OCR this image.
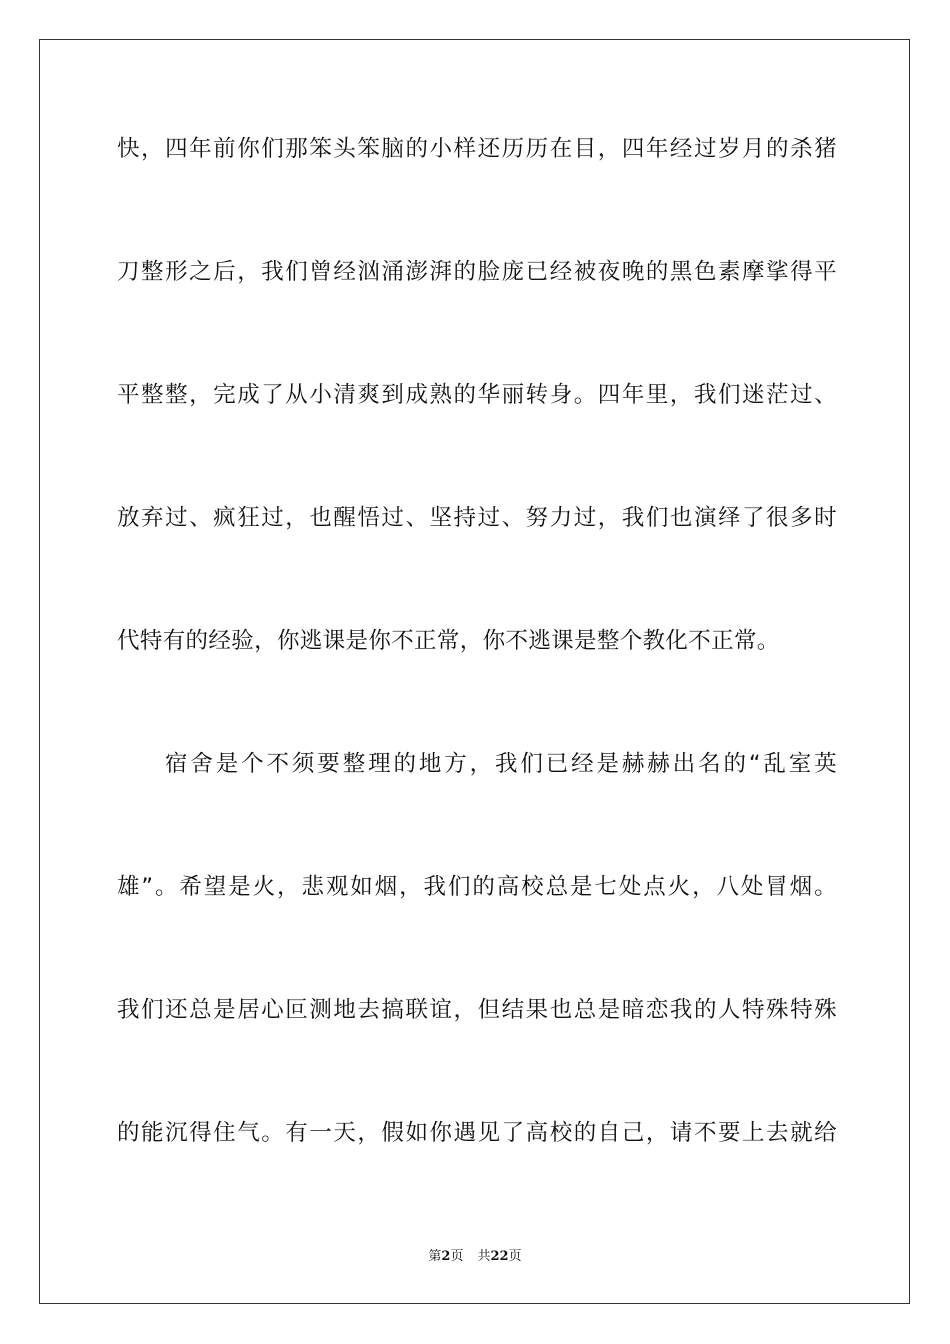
快，四年前你们那笨头笨脑的小样还历历在目，四年经过岁月的杀猪
刀整形之后，我们曾经汹涌澎湃的脸庞已经被夜晚的黑色素摩挲得平
平整整，完成了从小清爽到成熟的华丽转身。四年里，我们迷茫过、
放弃过、疯狂过，也醒悟过、坚持过、努力过，我们也演绎了很多时
代特有的经验，你逃课是你不正常，你不逃课是整个教化不正常。
宿舍是个不须要整理的地方，我们已经是赫赫出名的“乱室英
雄”。希望是火，悲观如烟，我们的高校总是七处点火，八处冒烟。
我们还总是居心叵测地去搞联谊，但结果也总是暗恋我的人特殊特殊
的能沉得住气。有一天，假如你遇见了高校的自己，请不要上去就给
第2页 共22页
